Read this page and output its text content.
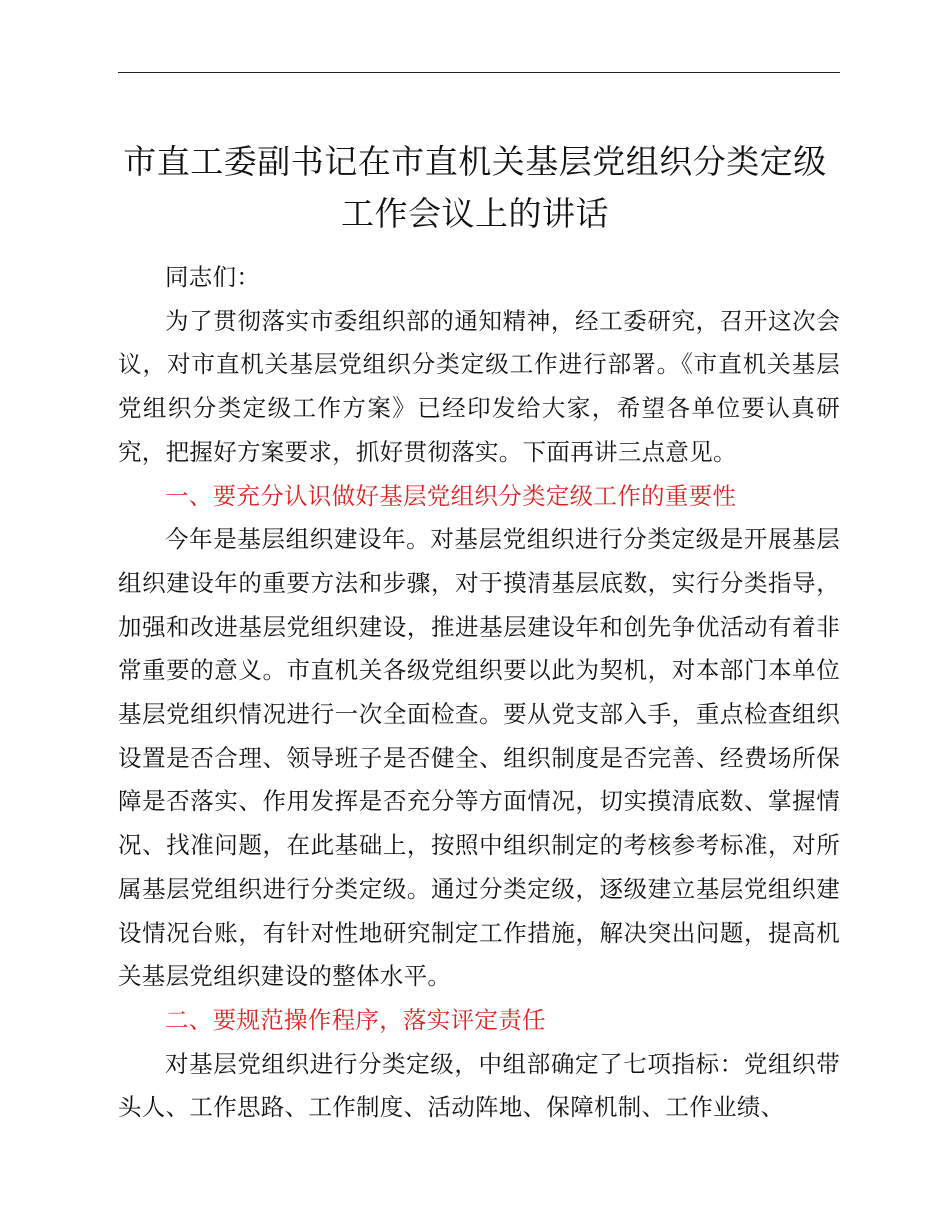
市直工委副书记在市直机关基层党组织分类定级
工作会议上的讲话

同志们：

为了贯彻落实市委组织部的通知精神，经工委研究，召开这次会议，对市直机关基层党组织分类定级工作进行部署。《市直机关基层党组织分类定级工作方案》已经印发给大家，希望各单位要认真研究，把握好方案要求，抓好贯彻落实。下面再讲三点意见。

一、要充分认识做好基层党组织分类定级工作的重要性

今年是基层组织建设年。对基层党组织进行分类定级是开展基层组织建设年的重要方法和步骤，对于摸清基层底数，实行分类指导，加强和改进基层党组织建设，推进基层建设年和创先争优活动有着非常重要的意义。市直机关各级党组织要以此为契机，对本部门本单位基层党组织情况进行一次全面检查。要从党支部入手，重点检查组织设置是否合理、领导班子是否健全、组织制度是否完善、经费场所保障是否落实、作用发挥是否充分等方面情况，切实摸清底数、掌握情况、找准问题，在此基础上，按照中组织制定的考核参考标准，对所属基层党组织进行分类定级。通过分类定级，逐级建立基层党组织建设情况台账，有针对性地研究制定工作措施，解决突出问题，提高机关基层党组织建设的整体水平。

二、要规范操作程序，落实评定责任

对基层党组织进行分类定级，中组部确定了七项指标：党组织带头人、工作思路、工作制度、活动阵地、保障机制、工作业绩、
